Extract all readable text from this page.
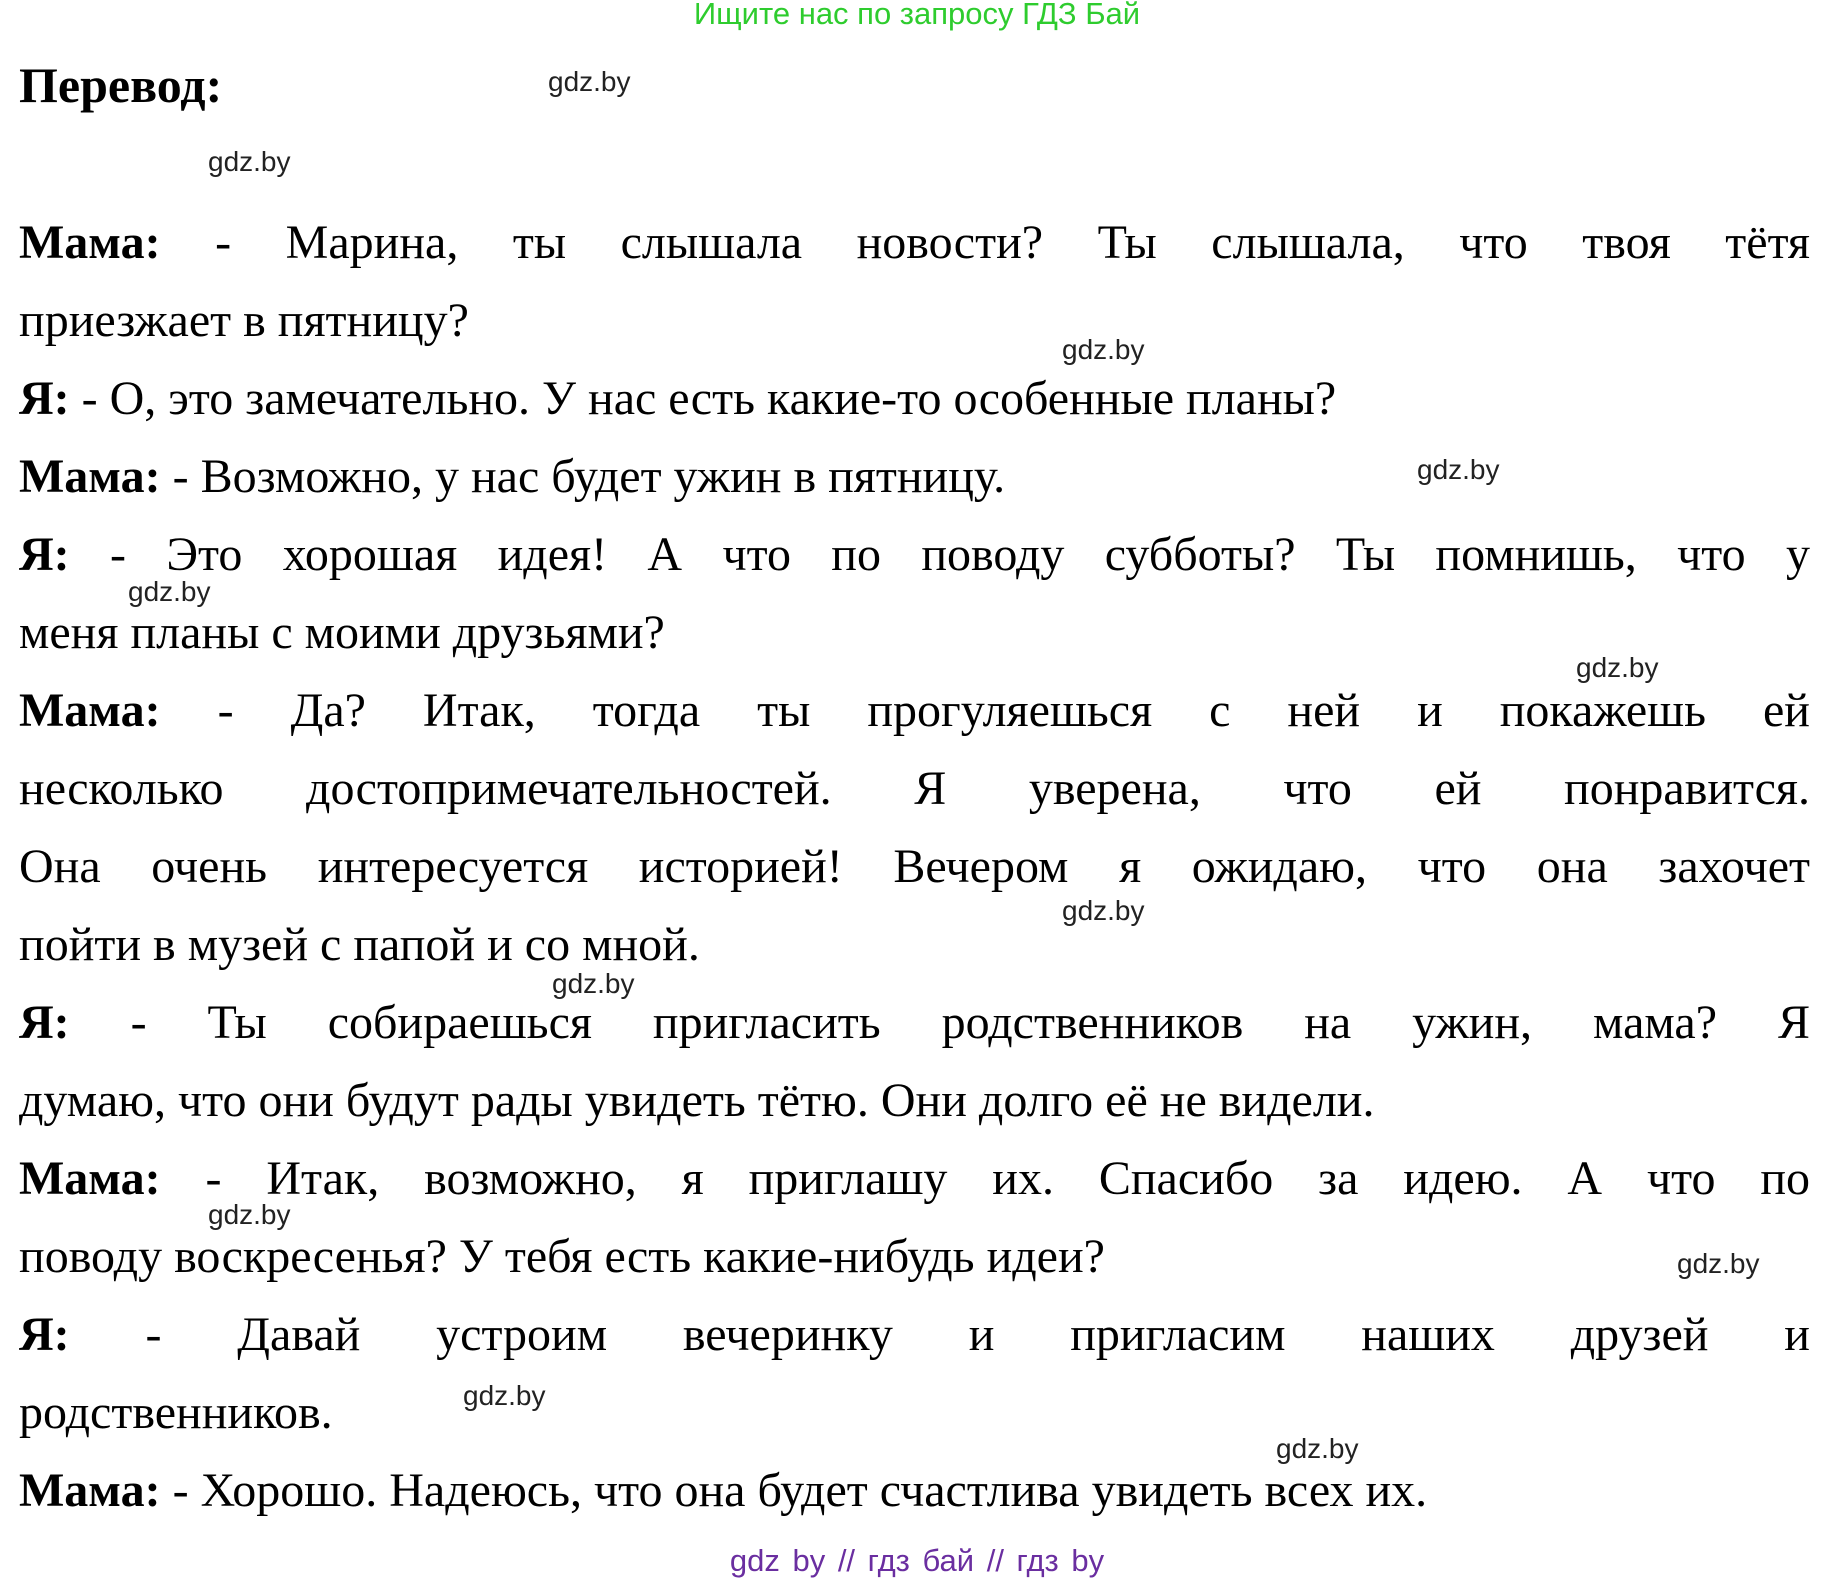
Ищите нас по запросу ГДЗ Бай
Перевод:
Мама: - Марина, ты слышала новости? Ты слышала, что твоя тётя
приезжает в пятницу?
Я: - О, это замечательно. У нас есть какие-то особенные планы?
Мама: - Возможно, у нас будет ужин в пятницу.
Я: - Это хорошая идея! А что по поводу субботы? Ты помнишь, что у
меня планы с моими друзьями?
Мама: - Да? Итак, тогда ты прогуляешься с ней и покажешь ей
несколько достопримечательностей. Я уверена, что ей понравится.
Она очень интересуется историей! Вечером я ожидаю, что она захочет
пойти в музей с папой и со мной.
Я: - Ты собираешься пригласить родственников на ужин, мама? Я
думаю, что они будут рады увидеть тётю. Они долго её не видели.
Мама: - Итак, возможно, я приглашу их. Спасибо за идею. А что по
поводу воскресенья? У тебя есть какие-нибудь идеи?
Я: - Давай устроим вечеринку и пригласим наших друзей и
родственников.
Мама: - Хорошо. Надеюсь, что она будет счастлива увидеть всех их.
gdz.by
gdz.by
gdz.by
gdz.by
gdz.by
gdz.by
gdz.by
gdz.by
gdz.by
gdz.by
gdz.by
gdz.by
gdz by // гдз бай // гдз by
